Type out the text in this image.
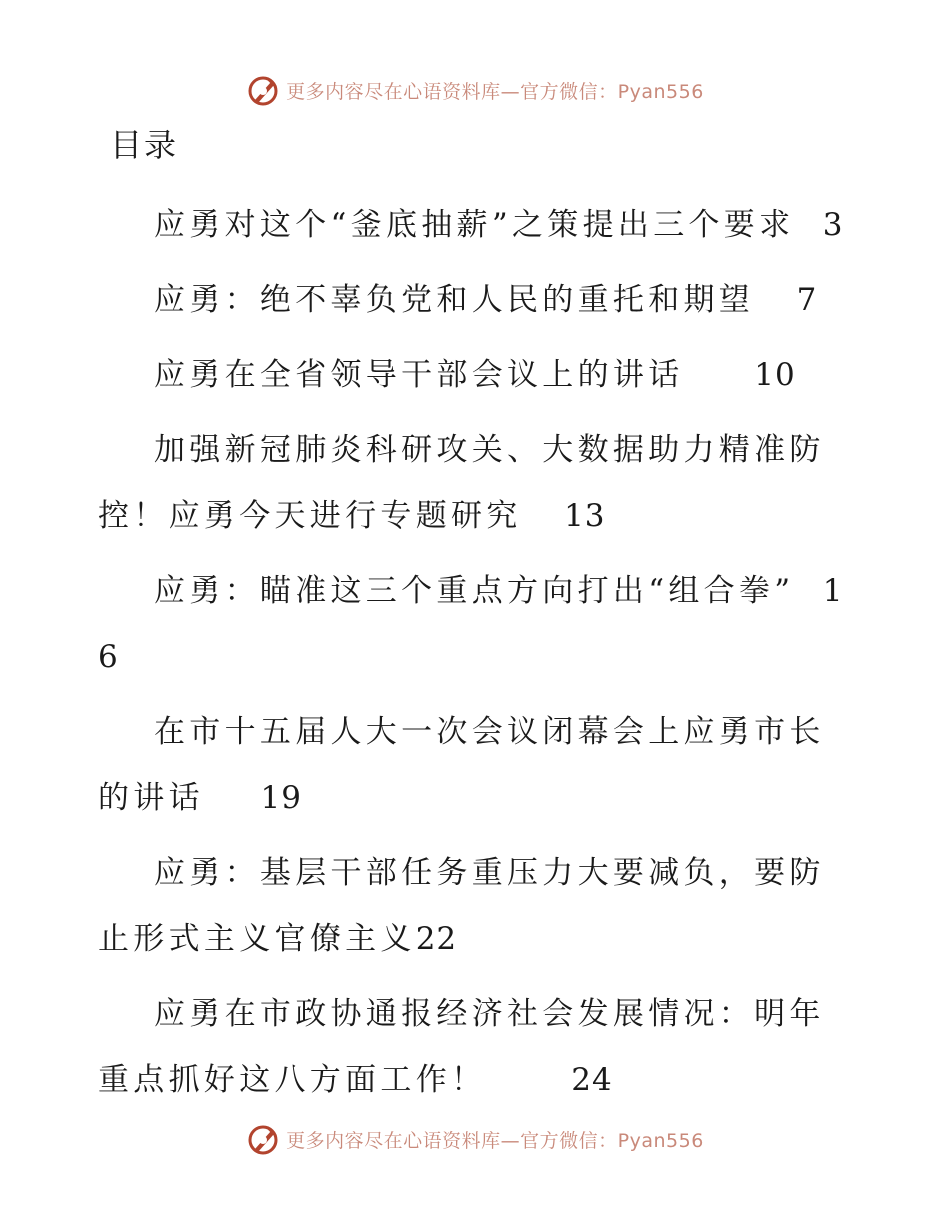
更多内容尽在心语资料库—官方微信：Pyan556
目录

应勇对这个“釜底抽薪”之策提出三个要求 3

应勇：绝不辜负党和人民的重托和期望 7

应勇在全省领导干部会议上的讲话 10

加强新冠肺炎科研攻关、大数据助力精准防控！应勇今天进行专题研究 13

应勇：瞄准这三个重点方向打出“组合拳” 16

在市十五届人大一次会议闭幕会上应勇市长的讲话 19

应勇：基层干部任务重压力大要减负，要防止形式主义官僚主义22

应勇在市政协通报经济社会发展情况：明年重点抓好这八方面工作！	24

更多内容尽在心语资料库—官方微信：Pyan556
